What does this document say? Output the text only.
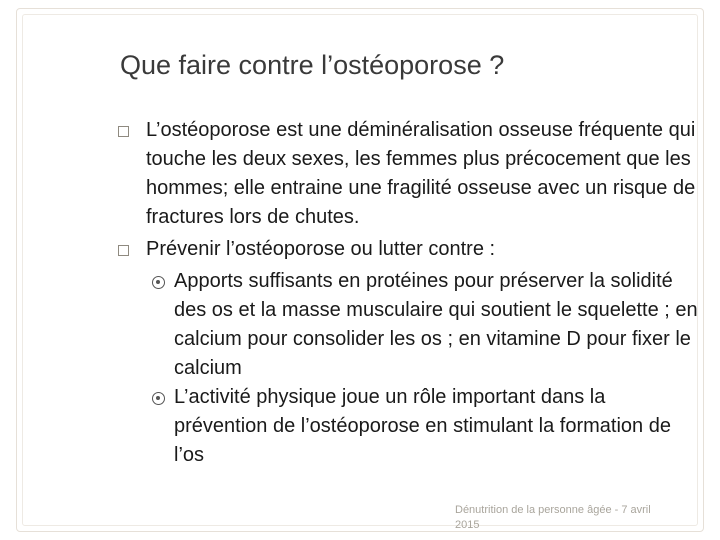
Que faire contre l’ostéoporose ?
L’ostéoporose est une déminéralisation osseuse fréquente qui touche les deux sexes, les femmes plus précocement que les hommes; elle entraine une fragilité osseuse avec un risque de fractures lors de chutes.
Prévenir l’ostéoporose ou lutter contre :
Apports suffisants en protéines pour préserver la solidité des os et la masse musculaire qui soutient le squelette ; en calcium pour consolider les os ; en vitamine D pour fixer le calcium
L’activité physique joue un rôle important dans la prévention de l’ostéoporose en stimulant la formation de l’os
Dénutrition de la personne âgée - 7 avril 2015
